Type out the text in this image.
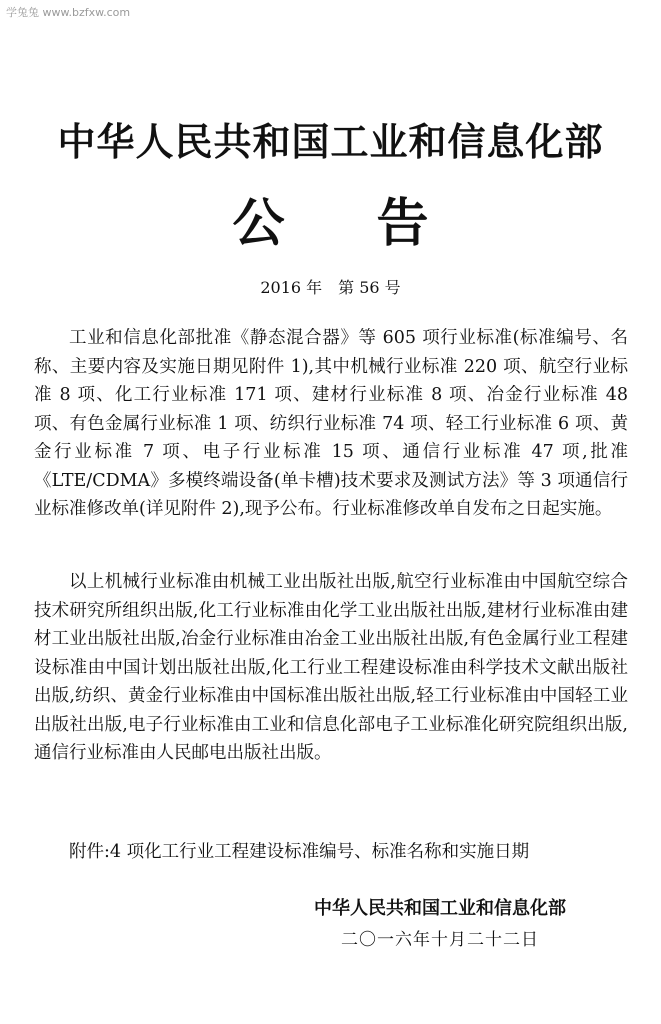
学兔兔 www.bzfxw.com
中华人民共和国工业和信息化部
公告
2016 年　第 56 号

工业和信息化部批准《静态混合器》等 605 项行业标准(标准编号、名称、主要内容及实施日期见附件 1),其中机械行业标准 220 项、航空行业标准 8 项、化工行业标准 171 项、建材行业标准 8 项、冶金行业标准 48 项、有色金属行业标准 1 项、纺织行业标准 74 项、轻工行业标准 6 项、黄金行业标准 7 项、电子行业标准 15 项、通信行业标准 47 项,批准《LTE/CDMA》多模终端设备(单卡槽)技术要求及测试方法》等 3 项通信行业标准修改单(详见附件 2),现予公布。行业标准修改单自发布之日起实施。

以上机械行业标准由机械工业出版社出版,航空行业标准由中国航空综合技术研究所组织出版,化工行业标准由化学工业出版社出版,建材行业标准由建材工业出版社出版,冶金行业标准由冶金工业出版社出版,有色金属行业工程建设标准由中国计划出版社出版,化工行业工程建设标准由科学技术文献出版社出版,纺织、黄金行业标准由中国标准出版社出版,轻工行业标准由中国轻工业出版社出版,电子行业标准由工业和信息化部电子工业标准化研究院组织出版,通信行业标准由人民邮电出版社出版。

附件:4 项化工行业工程建设标准编号、标准名称和实施日期
中华人民共和国工业和信息化部
二〇一六年十月二十二日
